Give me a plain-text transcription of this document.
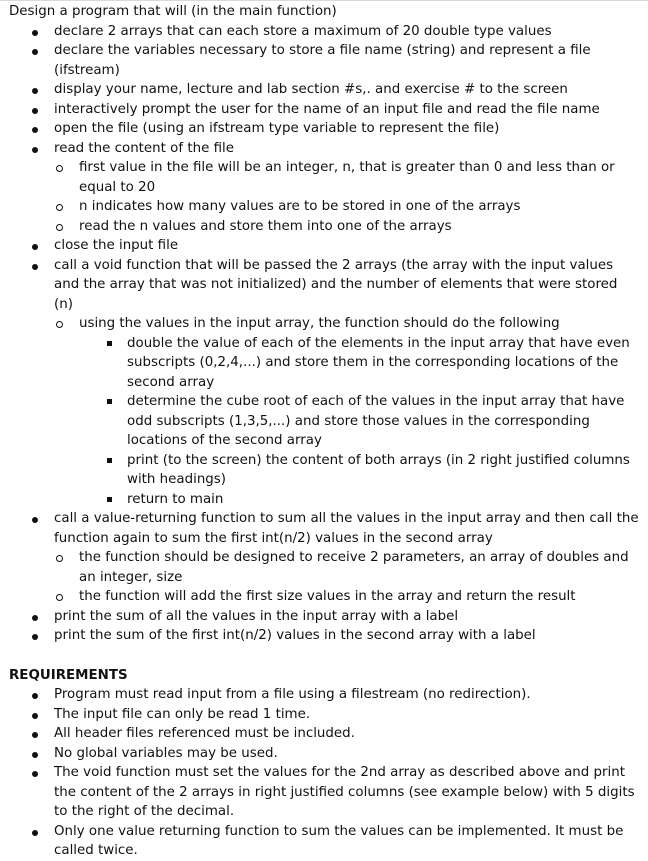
Design a program that will (in the main function)
declare 2 arrays that can each store a maximum of 20 double type values
declare the variables necessary to store a file name (string) and represent a file (ifstream)
display your name, lecture and lab section #s,. and exercise # to the screen
interactively prompt the user for the name of an input file and read the file name
open the file (using an ifstream type variable to represent the file)
read the content of the file
first value in the file will be an integer, n, that is greater than 0 and less than or equal to 20
n indicates how many values are to be stored in one of the arrays
read the n values and store them into one of the arrays
close the input file
call a void function that will be passed the 2 arrays (the array with the input values and the array that was not initialized) and the number of elements that were stored (n)
using the values in the input array, the function should do the following
double the value of each of the elements in the input array that have even subscripts (0,2,4,...) and store them in the corresponding locations of the second array
determine the cube root of each of the values in the input array that have odd subscripts (1,3,5,...) and store those values in the corresponding locations of the second array
print (to the screen) the content of both arrays (in 2 right justified columns with headings)
return to main
call a value-returning function to sum all the values in the input array and then call the function again to sum the first int(n/2) values in the second array
the function should be designed to receive 2 parameters, an array of doubles and an integer, size
the function will add the first size values in the array and return the result
print the sum of all the values in the input array with a label
print the sum of the first int(n/2) values in the second array with a label
REQUIREMENTS
Program must read input from a file using a filestream (no redirection).
The input file can only be read 1 time.
All header files referenced must be included.
No global variables may be used.
The void function must set the values for the 2nd array as described above and print the content of the 2 arrays in right justified columns (see example below) with 5 digits to the right of the decimal.
Only one value returning function to sum the values can be implemented. It must be called twice.
